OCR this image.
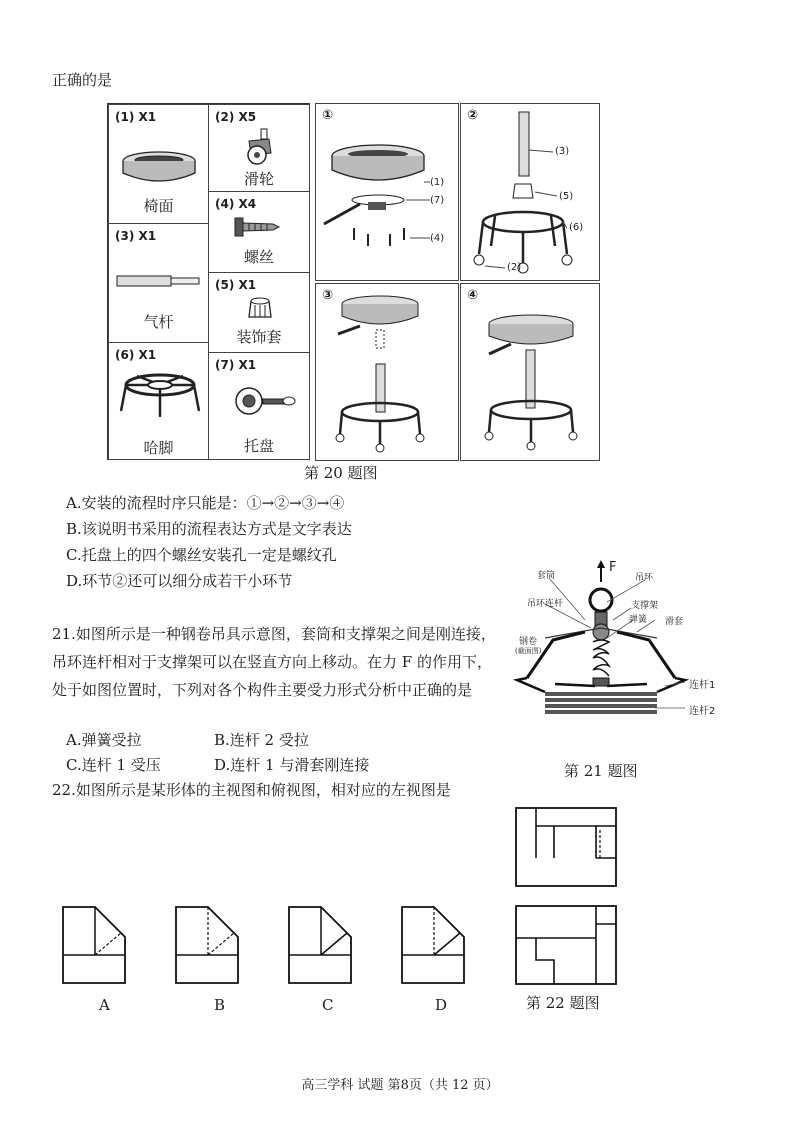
正确的是
(1) X1
椅面
(2) X5
滑轮
(4) X4
螺丝
(3) X1
气杆
(5) X1
装饰套
(6) X1
哈脚
(7) X1
托盘
①
(1)
(7)
(4)
②
(3)
(5)
(6)
(2)
③	④
第 20 题图
A.安装的流程时序只能是：①→②→③→④
B.该说明书采用的流程表达方式是文字表达
C.托盘上的四个螺丝安装孔一定是螺纹孔
D.环节②还可以细分成若干小环节
21.如图所示是一种钢卷吊具示意图，套筒和支撑架之间是刚连接，吊环连杆相对于支撑架可以在竖直方向上移动。在力 F 的作用下，处于如图位置时，下列对各个构件主要受力形式分析中正确的是
A.弹簧受拉	B.连杆 2 受拉
C.连杆 1 受压	D.连杆 1 与滑套刚连接
F
套筒	吊环
吊环连杆	支撑架
弹簧 滑套
钢卷
(截面图)
连杆1
连杆2
第 21 题图
22.如图所示是某形体的主视图和俯视图，相对应的左视图是
第 22 题图
A	B	C	D
高三学科 试题 第8页（共 12 页）
